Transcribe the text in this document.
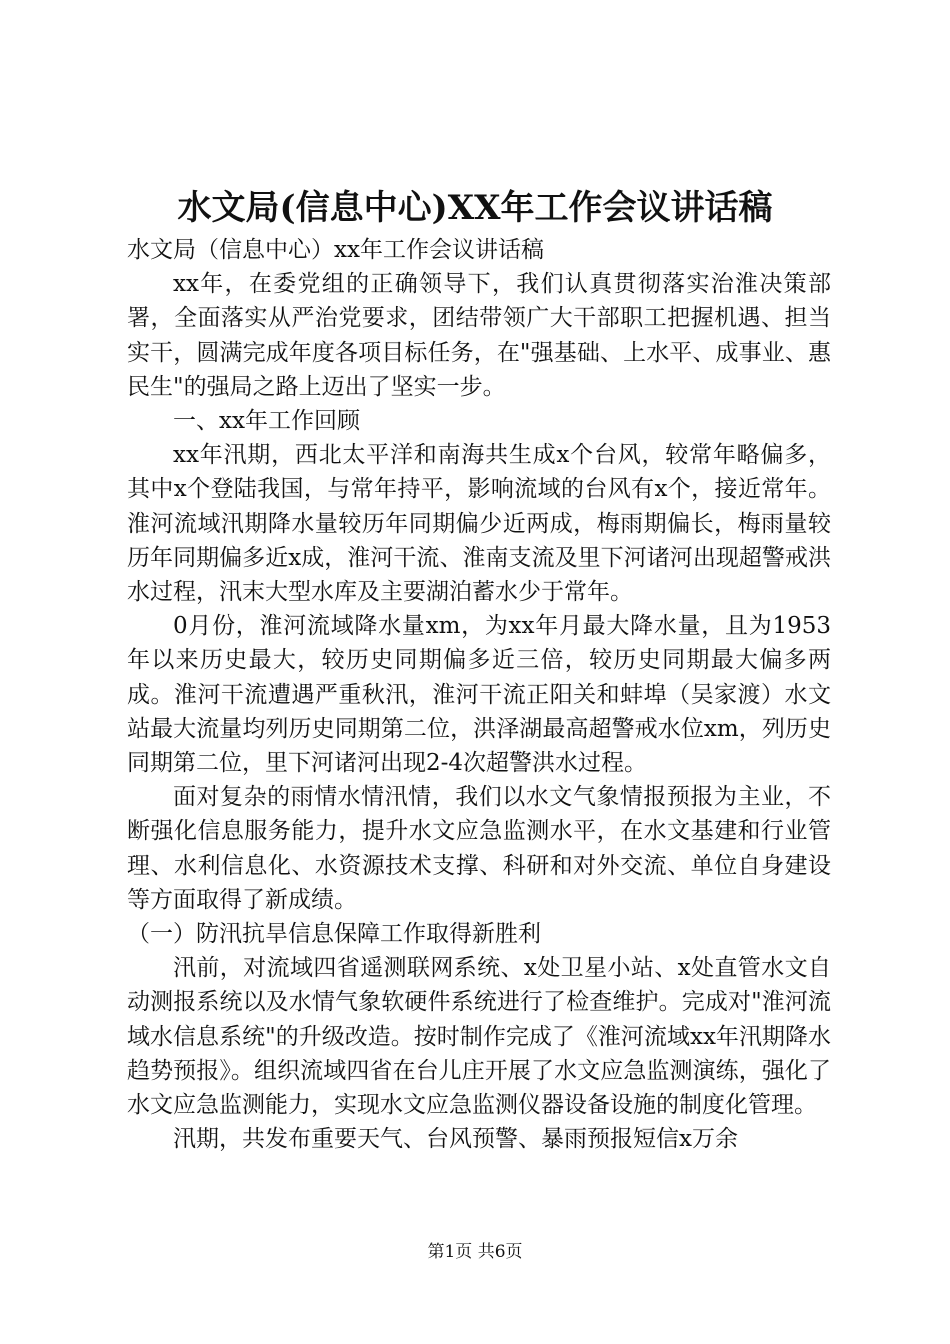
水文局(信息中心)XX年工作会议讲话稿

水文局（信息中心）xx年工作会议讲话稿

xx年，在委党组的正确领导下，我们认真贯彻落实治淮决策部署，全面落实从严治党要求，团结带领广大干部职工把握机遇、担当实干，圆满完成年度各项目标任务，在"强基础、上水平、成事业、惠民生"的强局之路上迈出了坚实一步。

一、xx年工作回顾

xx年汛期，西北太平洋和南海共生成x个台风，较常年略偏多，其中x个登陆我国，与常年持平，影响流域的台风有x个，接近常年。淮河流域汛期降水量较历年同期偏少近两成，梅雨期偏长，梅雨量较历年同期偏多近x成，淮河干流、淮南支流及里下河诸河出现超警戒洪水过程，汛末大型水库及主要湖泊蓄水少于常年。

0月份，淮河流域降水量xm，为xx年月最大降水量，且为1953年以来历史最大，较历史同期偏多近三倍，较历史同期最大偏多两成。淮河干流遭遇严重秋汛，淮河干流正阳关和蚌埠（吴家渡）水文站最大流量均列历史同期第二位，洪泽湖最高超警戒水位xm，列历史同期第二位，里下河诸河出现2-4次超警洪水过程。

面对复杂的雨情水情汛情，我们以水文气象情报预报为主业，不断强化信息服务能力，提升水文应急监测水平，在水文基建和行业管理、水利信息化、水资源技术支撑、科研和对外交流、单位自身建设等方面取得了新成绩。

（一）防汛抗旱信息保障工作取得新胜利

汛前，对流域四省遥测联网系统、x处卫星小站、x处直管水文自动测报系统以及水情气象软硬件系统进行了检查维护。完成对"淮河流域水信息系统"的升级改造。按时制作完成了《淮河流域xx年汛期降水趋势预报》。组织流域四省在台儿庄开展了水文应急监测演练，强化了水文应急监测能力，实现水文应急监测仪器设备设施的制度化管理。

汛期，共发布重要天气、台风预警、暴雨预报短信x万余

第1页 共6页
